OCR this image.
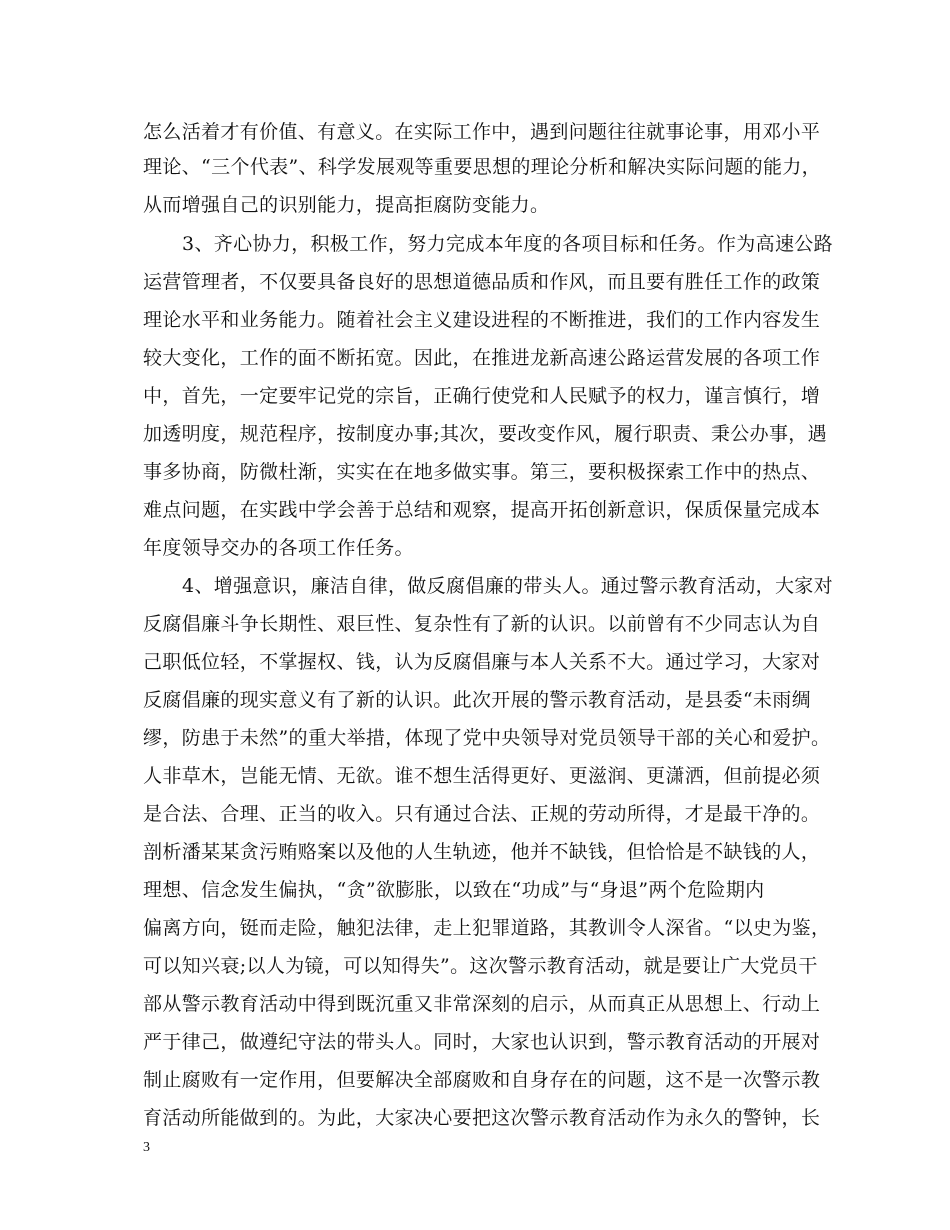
怎么活着才有价值、有意义。在实际工作中，遇到问题往往就事论事，用邓小平
理论、“三个代表”、科学发展观等重要思想的理论分析和解决实际问题的能力，
从而增强自己的识别能力，提高拒腐防变能力。
3、齐心协力，积极工作，努力完成本年度的各项目标和任务。作为高速公路
运营管理者，不仅要具备良好的思想道德品质和作风，而且要有胜任工作的政策
理论水平和业务能力。随着社会主义建设进程的不断推进，我们的工作内容发生
较大变化，工作的面不断拓宽。因此，在推进龙新高速公路运营发展的各项工作
中，首先，一定要牢记党的宗旨，正确行使党和人民赋予的权力，谨言慎行，增
加透明度，规范程序，按制度办事;其次，要改变作风，履行职责、秉公办事，遇
事多协商，防微杜渐，实实在在地多做实事。第三，要积极探索工作中的热点、
难点问题，在实践中学会善于总结和观察，提高开拓创新意识，保质保量完成本
年度领导交办的各项工作任务。
4、增强意识，廉洁自律，做反腐倡廉的带头人。通过警示教育活动，大家对
反腐倡廉斗争长期性、艰巨性、复杂性有了新的认识。以前曾有不少同志认为自
己职低位轻，不掌握权、钱，认为反腐倡廉与本人关系不大。通过学习，大家对
反腐倡廉的现实意义有了新的认识。此次开展的警示教育活动，是县委“未雨绸
缪，防患于未然”的重大举措，体现了党中央领导对党员领导干部的关心和爱护。
人非草木，岂能无情、无欲。谁不想生活得更好、更滋润、更潇洒，但前提必须
是合法、合理、正当的收入。只有通过合法、正规的劳动所得，才是最干净的。
剖析潘某某贪污贿赂案以及他的人生轨迹，他并不缺钱，但恰恰是不缺钱的人，
理想、信念发生偏执，“贪”欲膨胀，以致在“功成”与“身退”两个危险期内
偏离方向，铤而走险，触犯法律，走上犯罪道路，其教训令人深省。“以史为鉴，
可以知兴衰;以人为镜，可以知得失”。这次警示教育活动，就是要让广大党员干
部从警示教育活动中得到既沉重又非常深刻的启示，从而真正从思想上、行动上
严于律己，做遵纪守法的带头人。同时，大家也认识到，警示教育活动的开展对
制止腐败有一定作用，但要解决全部腐败和自身存在的问题，这不是一次警示教
育活动所能做到的。为此，大家决心要把这次警示教育活动作为永久的警钟，长
3
